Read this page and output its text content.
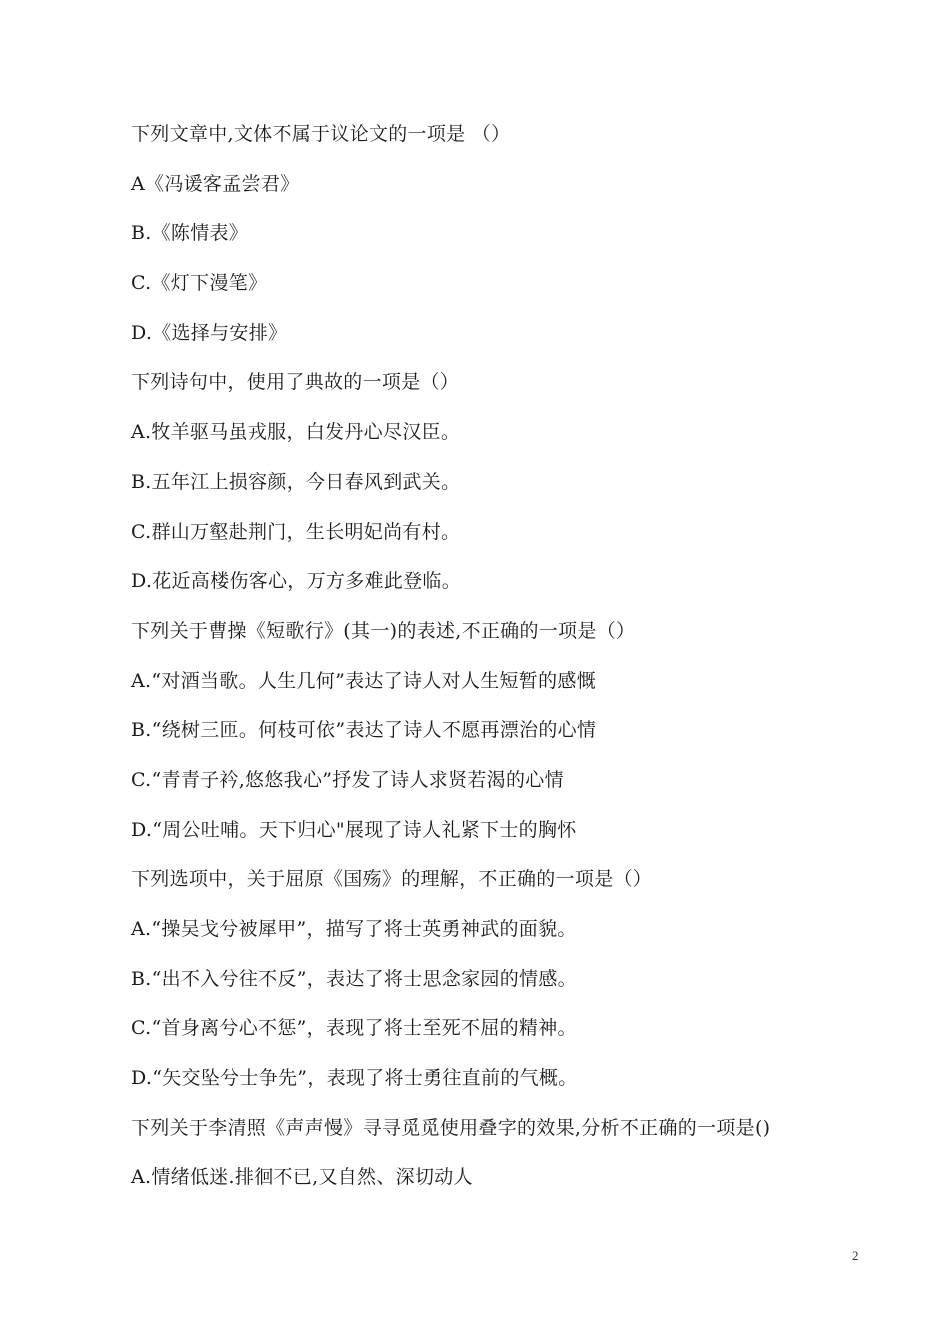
下列文章中,文体不属于议论文的一项是 （）
A《冯谖客孟尝君》
B.《陈情表》
C.《灯下漫笔》
D.《选择与安排》
下列诗句中，使用了典故的一项是（）
A.牧羊驱马虽戎服，白发丹心尽汉臣。
B.五年江上损容颜，今日春风到武关。
C.群山万壑赴荆门，生长明妃尚有村。
D.花近高楼伤客心，万方多难此登临。
下列关于曹操《短歌行》(其一)的表述,不正确的一项是（）
A.“对酒当歌。人生几何”表达了诗人对人生短暂的感慨
B.“绕树三匝。何枝可依”表达了诗人不愿再漂治的心情
C.“青青子衿,悠悠我心”抒发了诗人求贤若渴的心情
D.“周公吐哺。天下归心"展现了诗人礼紧下士的胸怀
下列选项中，关于屈原《国殇》的理解，不正确的一项是（）
A.“操吴戈兮被犀甲”，描写了将士英勇神武的面貌。
B.“出不入兮往不反”，表达了将士思念家园的情感。
C.“首身离兮心不惩”，表现了将士至死不屈的精神。
D.“矢交坠兮士争先”，表现了将士勇往直前的气概。
下列关于李清照《声声慢》寻寻觅觅使用叠字的效果,分析不正确的一项是()
A.情绪低迷.排徊不已,又自然、深切动人
2
